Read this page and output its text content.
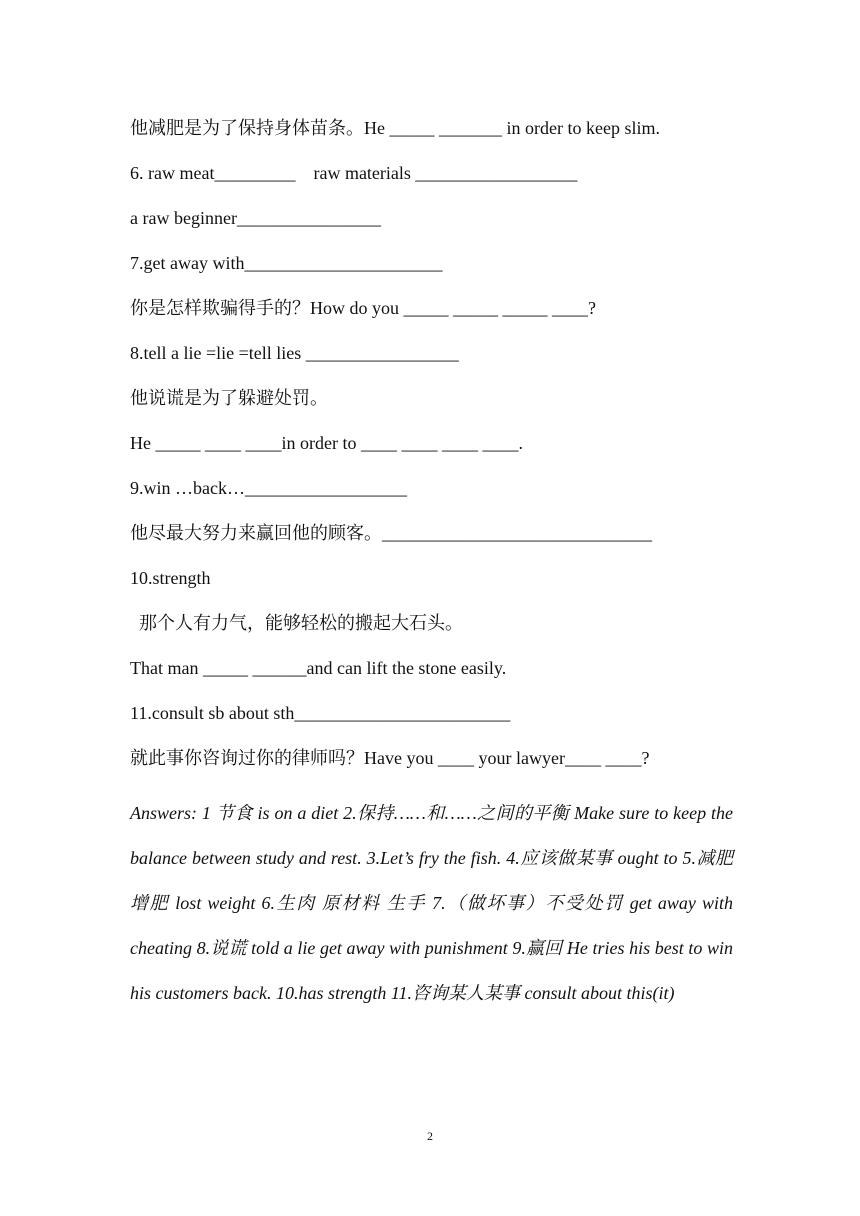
他减肥是为了保持身体苗条。He _____ _______ in order to keep slim.
6. raw meat_________    raw materials __________________
a raw beginner________________
7.get away with______________________
你是怎样欺骗得手的？How do you _____ _____ _____ ____?
8.tell a lie =lie =tell lies _________________
他说谎是为了躲避处罚。
He _____ ____ ____in order to ____ ____ ____ ____.
9.win …back…__________________
他尽最大努力来赢回他的顾客。______________________________
10.strength
那个人有力气，能够轻松的搬起大石头。
That man _____ ______and can lift the stone easily.
11.consult sb about sth________________________
就此事你咨询过你的律师吗？Have you ____ your lawyer____ ____?
Answers: 1 节食 is on a diet 2.保持……和……之间的平衡 Make sure to keep the balance between study and rest. 3.Let’s fry the fish. 4.应该做某事 ought to 5.减肥 增肥 lost weight 6.生肉 原材料 生手 7.（做坏事）不受处罚 get away with cheating 8.说谎 told a lie get away with punishment 9.赢回 He tries his best to win his customers back. 10.has strength 11.咨询某人某事 consult about this(it)
2
